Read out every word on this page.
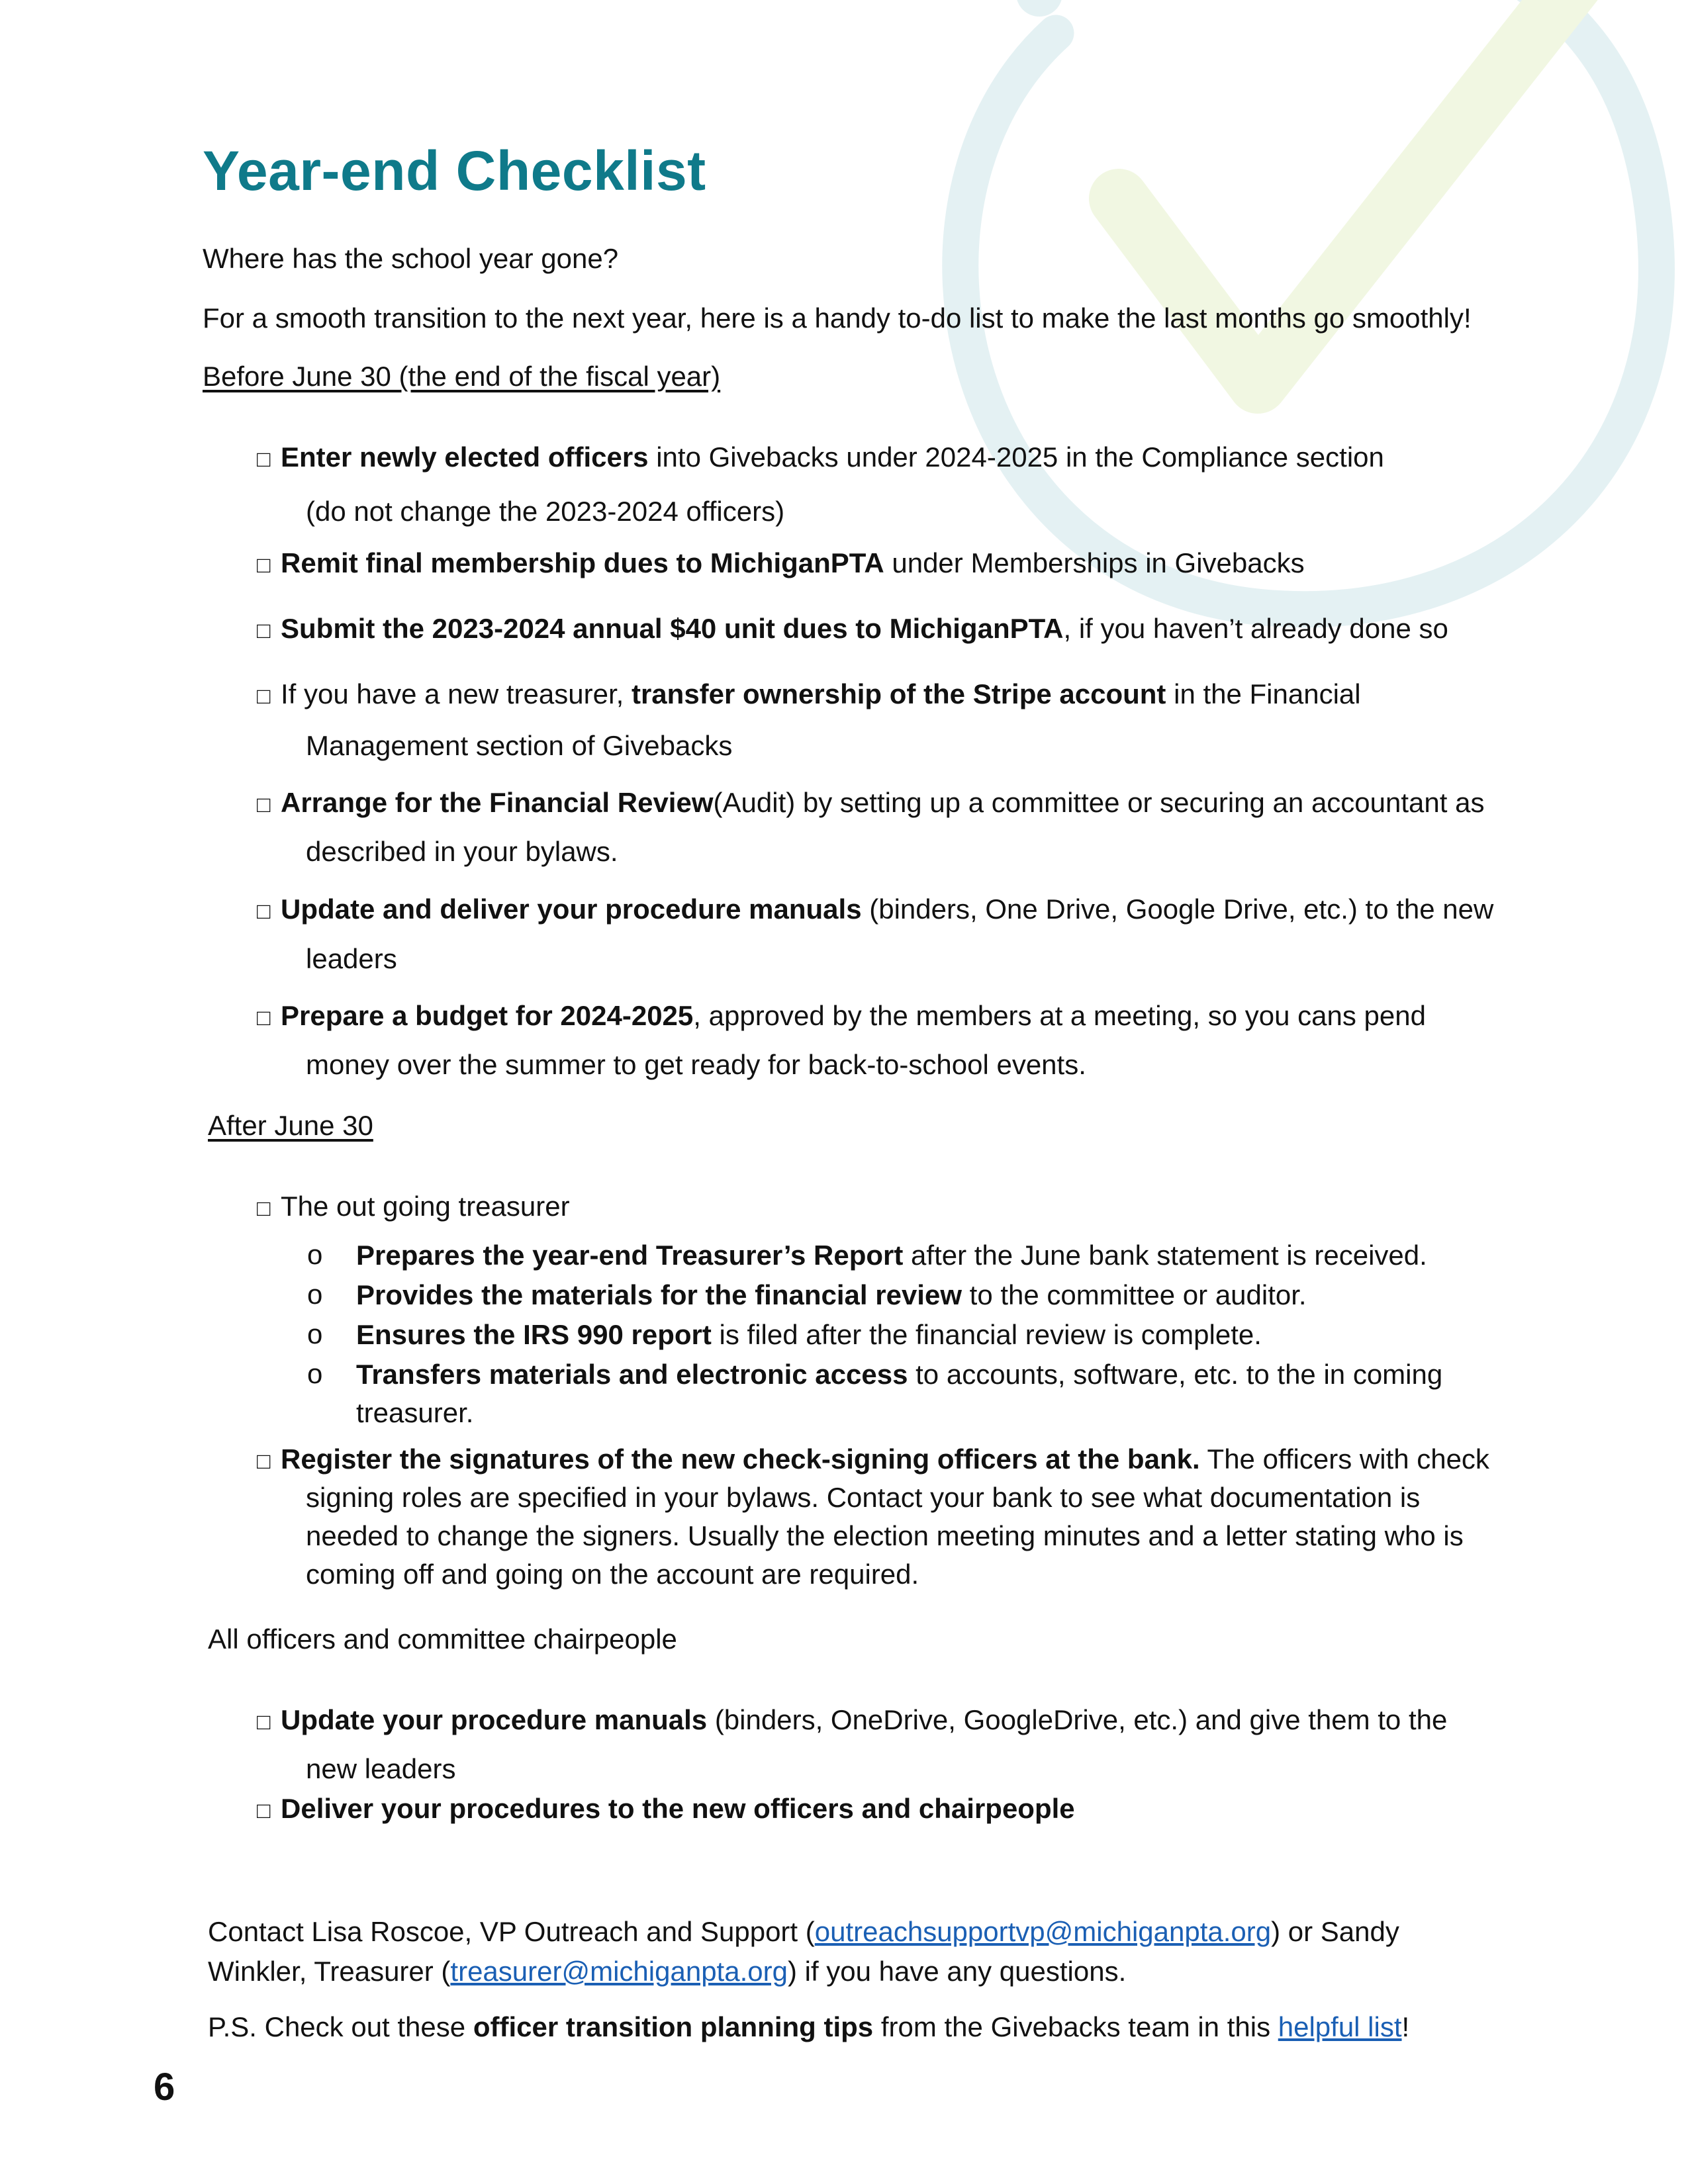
Year-end Checklist

Where has the school year gone?

For a smooth transition to the next year, here is a handy to-do list to make the last months go smoothly!

Before June 30 (the end of the fiscal year)

□ Enter newly elected officers into Givebacks under 2024-2025 in the Compliance section

(do not change the 2023-2024 officers)

□ Remit final membership dues to MichiganPTA under Memberships in Givebacks

□ Submit the 2023-2024 annual $40 unit dues to MichiganPTA, if you haven’t already done so

□ If you have a new treasurer, transfer ownership of the Stripe account in the Financial

Management section of Givebacks

□ Arrange for the Financial Review(Audit) by setting up a committee or securing an accountant as

described in your bylaws.

□ Update and deliver your procedure manuals (binders, One Drive, Google Drive, etc.) to the new

leaders

□ Prepare a budget for 2024-2025, approved by the members at a meeting, so you cans pend

money over the summer to get ready for back-to-school events.

After June 30

□ The out going treasurer

o Prepares the year-end Treasurer’s Report after the June bank statement is received.

o Provides the materials for the financial review to the committee or auditor.

o Ensures the IRS 990 report is filed after the financial review is complete.

o Transfers materials and electronic access to accounts, software, etc. to the in coming

treasurer.

□ Register the signatures of the new check-signing officers at the bank. The officers with check

signing roles are specified in your bylaws. Contact your bank to see what documentation is

needed to change the signers. Usually the election meeting minutes and a letter stating who is

coming off and going on the account are required.

All officers and committee chairpeople

□ Update your procedure manuals (binders, OneDrive, GoogleDrive, etc.) and give them to the

new leaders

□ Deliver your procedures to the new officers and chairpeople

Contact Lisa Roscoe, VP Outreach and Support (outreachsupportvp@michiganpta.org) or Sandy

Winkler, Treasurer (treasurer@michiganpta.org) if you have any questions.

P.S. Check out these officer transition planning tips from the Givebacks team in this helpful list!

6
